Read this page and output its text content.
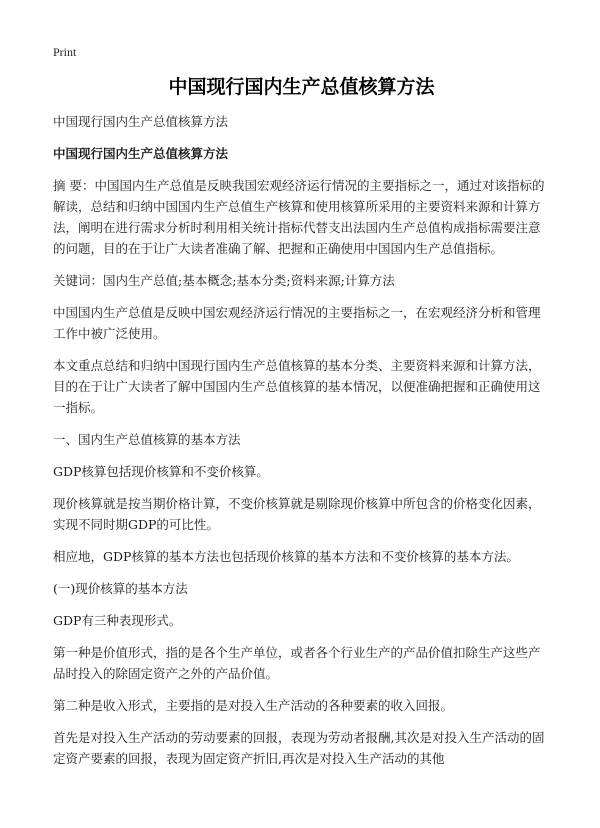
Print
中国现行国内生产总值核算方法
中国现行国内生产总值核算方法
中国现行国内生产总值核算方法
摘 要：中国国内生产总值是反映我国宏观经济运行情况的主要指标之一，通过对该指标的解读，总结和归纳中国国内生产总值生产核算和使用核算所采用的主要资料来源和计算方法，阐明在进行需求分析时利用相关统计指标代替支出法国内生产总值构成指标需要注意的问题，目的在于让广大读者准确了解、把握和正确使用中国国内生产总值指标。
关键词：国内生产总值;基本概念;基本分类;资料来源;计算方法
中国国内生产总值是反映中国宏观经济运行情况的主要指标之一，在宏观经济分析和管理工作中被广泛使用。
本文重点总结和归纳中国现行国内生产总值核算的基本分类、主要资料来源和计算方法，目的在于让广大读者了解中国国内生产总值核算的基本情况，以便准确把握和正确使用这一指标。
一、国内生产总值核算的基本方法
GDP核算包括现价核算和不变价核算。
现价核算就是按当期价格计算，不变价核算就是剔除现价核算中所包含的价格变化因素，实现不同时期GDP的可比性。
相应地，GDP核算的基本方法也包括现价核算的基本方法和不变价核算的基本方法。
(一)现价核算的基本方法
GDP有三种表现形式。
第一种是价值形式，指的是各个生产单位，或者各个行业生产的产品价值扣除生产这些产品时投入的除固定资产之外的产品价值。
第二种是收入形式，主要指的是对投入生产活动的各种要素的收入回报。
首先是对投入生产活动的劳动要素的回报，表现为劳动者报酬,其次是对投入生产活动的固定资产要素的回报，表现为固定资产折旧,再次是对投入生产活动的其他
